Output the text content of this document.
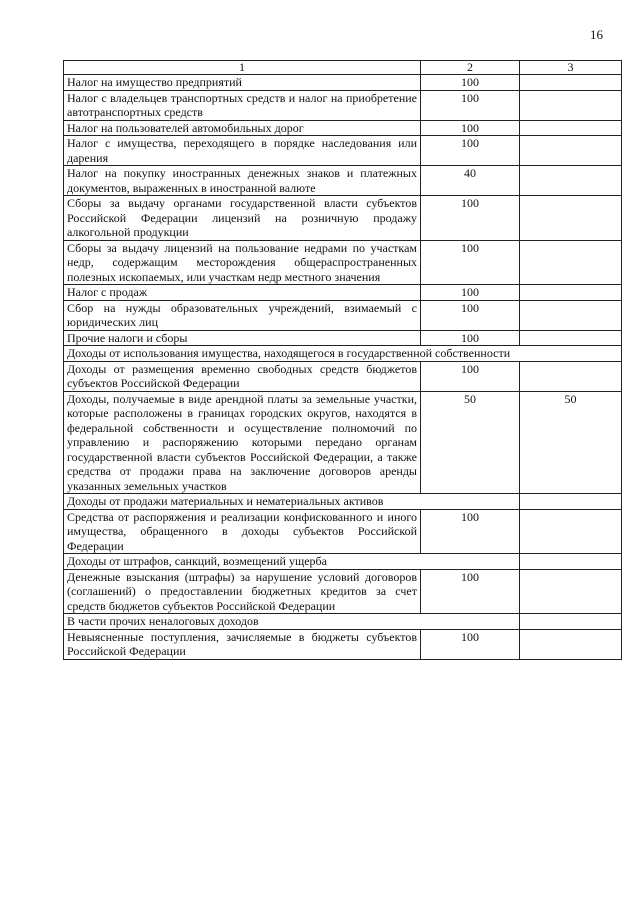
16
1	2	3
Налог на имущество предприятий	100	
Налог с владельцев транспортных средств и налог на приобретение автотранспортных средств	100	
Налог на пользователей автомобильных дорог	100	
Налог с имущества, переходящего в порядке наследования или дарения	100	
Налог на покупку иностранных денежных знаков и платежных документов, выраженных в иностранной валюте	40	
Сборы за выдачу органами государственной власти субъектов Российской Федерации лицензий на розничную продажу алкогольной продукции	100	
Сборы за выдачу лицензий на пользование недрами по участкам недр, содержащим месторождения общераспространенных полезных ископаемых, или участкам недр местного значения	100	
Налог с продаж	100	
Сбор на нужды образовательных учреждений, взимаемый с юридических лиц	100	
Прочие налоги и сборы	100	
Доходы от использования имущества, находящегося в государственной собственности		
Доходы от размещения временно свободных средств бюджетов субъектов Российской Федерации	100	
Доходы, получаемые в виде арендной платы за земельные участки, которые расположены в границах городских округов, находятся в федеральной собственности и осуществление полномочий по управлению и распоряжению которыми передано органам государственной власти субъектов Российской Федерации, а также средства от продажи права на заключение договоров аренды указанных земельных участков	50	50
Доходы от продажи материальных и нематериальных активов		
Средства от распоряжения и реализации конфискованного и иного имущества, обращенного в доходы субъектов Российской Федерации	100	
Доходы от штрафов, санкций, возмещений ущерба		
Денежные взыскания (штрафы) за нарушение условий договоров (соглашений) о предоставлении бюджетных кредитов за счет средств бюджетов субъектов Российской Федерации	100	
В части прочих неналоговых доходов		
Невыясненные поступления, зачисляемые в бюджеты субъектов Российской Федерации	100	
